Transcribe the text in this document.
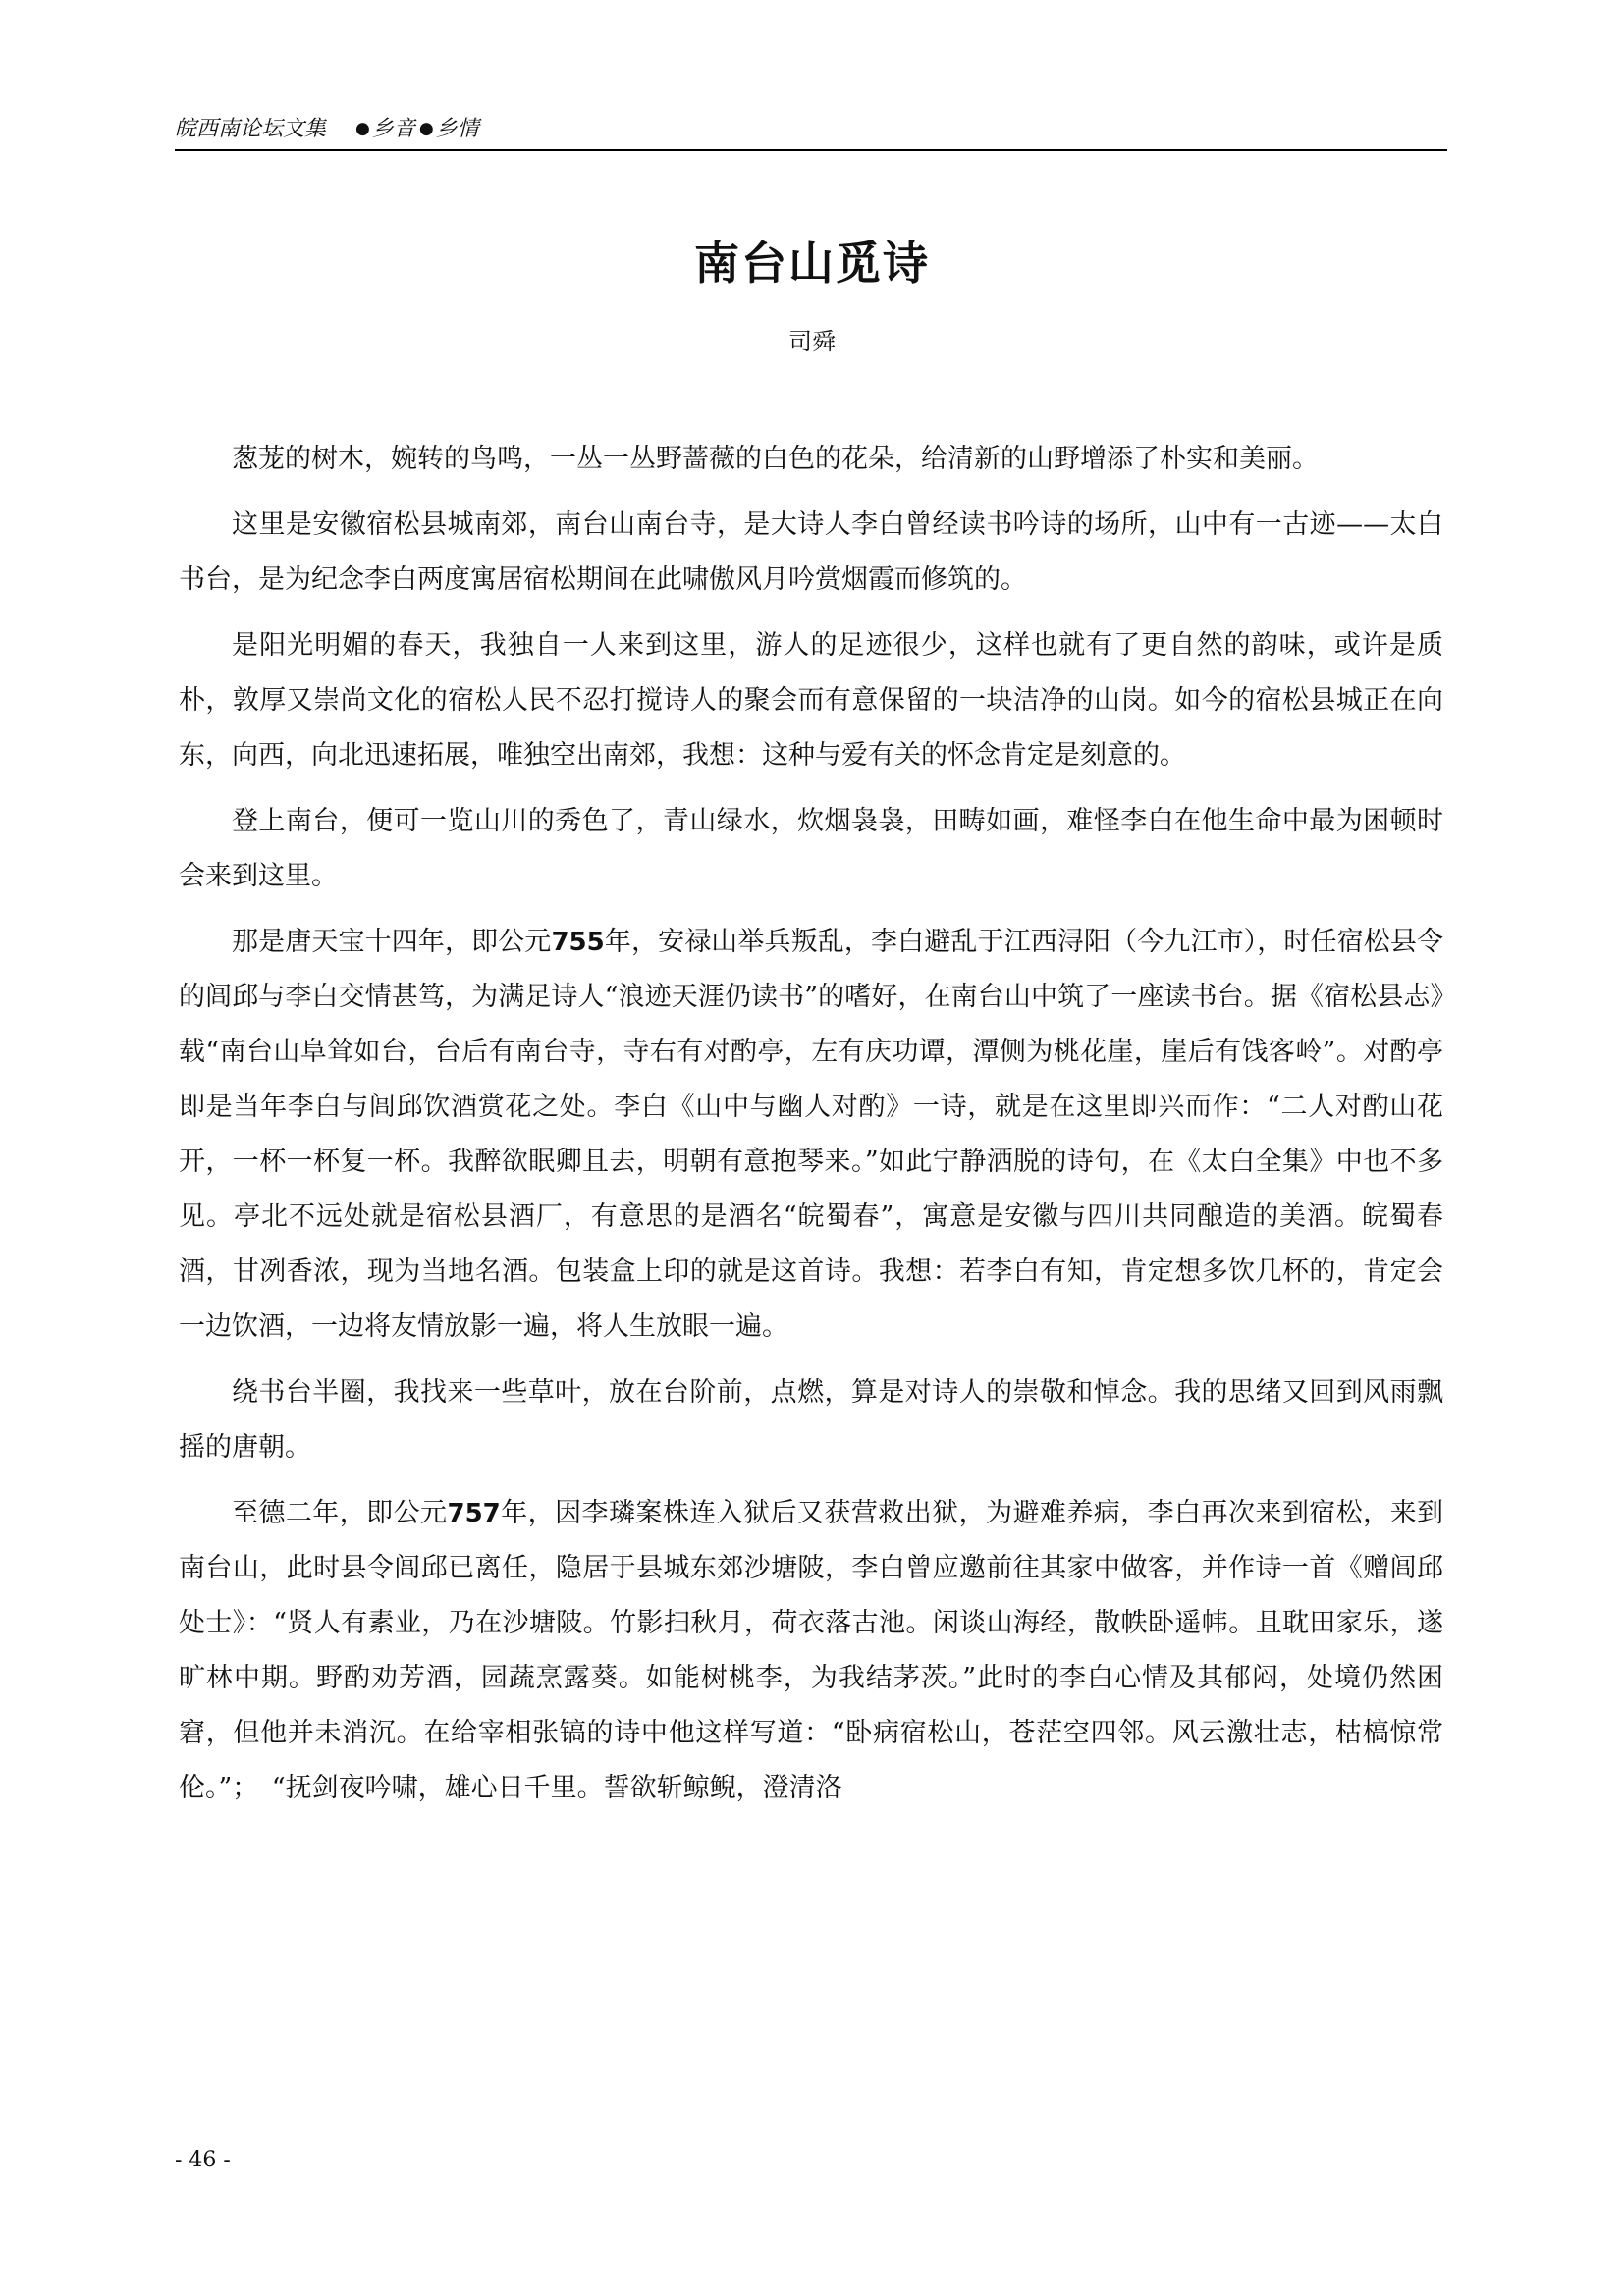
皖西南论坛文集 ●乡音 ●乡情
南台山觅诗
司舜

葱茏的树木，婉转的鸟鸣，一丛一丛野蔷薇的白色的花朵，给清新的山野增添了朴实和美丽。

这里是安徽宿松县城南郊，南台山南台寺，是大诗人李白曾经读书吟诗的场所，山中有一古迹——太白书台，是为纪念李白两度寓居宿松期间在此啸傲风月吟赏烟霞而修筑的。

是阳光明媚的春天，我独自一人来到这里，游人的足迹很少，这样也就有了更自然的韵味，或许是质朴，敦厚又崇尚文化的宿松人民不忍打搅诗人的聚会而有意保留的一块洁净的山岗。如今的宿松县城正在向东，向西，向北迅速拓展，唯独空出南郊，我想：这种与爱有关的怀念肯定是刻意的。

登上南台，便可一览山川的秀色了，青山绿水，炊烟袅袅，田畴如画，难怪李白在他生命中最为困顿时会来到这里。

那是唐天宝十四年，即公元755年，安禄山举兵叛乱，李白避乱于江西浔阳（今九江市），时任宿松县令的闾邱与李白交情甚笃，为满足诗人“浪迹天涯仍读书”的嗜好，在南台山中筑了一座读书台。据《宿松县志》载“南台山阜耸如台，台后有南台寺，寺右有对酌亭，左有庆功谭，潭侧为桃花崖，崖后有饯客岭”。对酌亭即是当年李白与闾邱饮酒赏花之处。李白《山中与幽人对酌》一诗，就是在这里即兴而作：“二人对酌山花开，一杯一杯复一杯。我醉欲眠卿且去，明朝有意抱琴来。”如此宁静洒脱的诗句，在《太白全集》中也不多见。亭北不远处就是宿松县酒厂，有意思的是酒名“皖蜀春”，寓意是安徽与四川共同酿造的美酒。皖蜀春酒，甘冽香浓，现为当地名酒。包装盒上印的就是这首诗。我想：若李白有知，肯定想多饮几杯的，肯定会一边饮酒，一边将友情放影一遍，将人生放眼一遍。

绕书台半圈，我找来一些草叶，放在台阶前，点燃，算是对诗人的崇敬和悼念。我的思绪又回到风雨飘摇的唐朝。

至德二年，即公元757年，因李璘案株连入狱后又获营救出狱，为避难养病，李白再次来到宿松，来到南台山，此时县令闾邱已离任，隐居于县城东郊沙塘陂，李白曾应邀前往其家中做客，并作诗一首《赠闾邱处士》：“贤人有素业，乃在沙塘陂。竹影扫秋月，荷衣落古池。闲谈山海经，散帙卧遥帏。且耽田家乐，遂旷林中期。野酌劝芳酒，园蔬烹露葵。如能树桃李，为我结茅茨。”此时的李白心情及其郁闷，处境仍然困窘，但他并未消沉。在给宰相张镐的诗中他这样写道：“卧病宿松山，苍茫空四邻。风云激壮志，枯槁惊常伦。”；　“抚剑夜吟啸，雄心日千里。誓欲斩鲸鲵，澄清洛

- 46 -
